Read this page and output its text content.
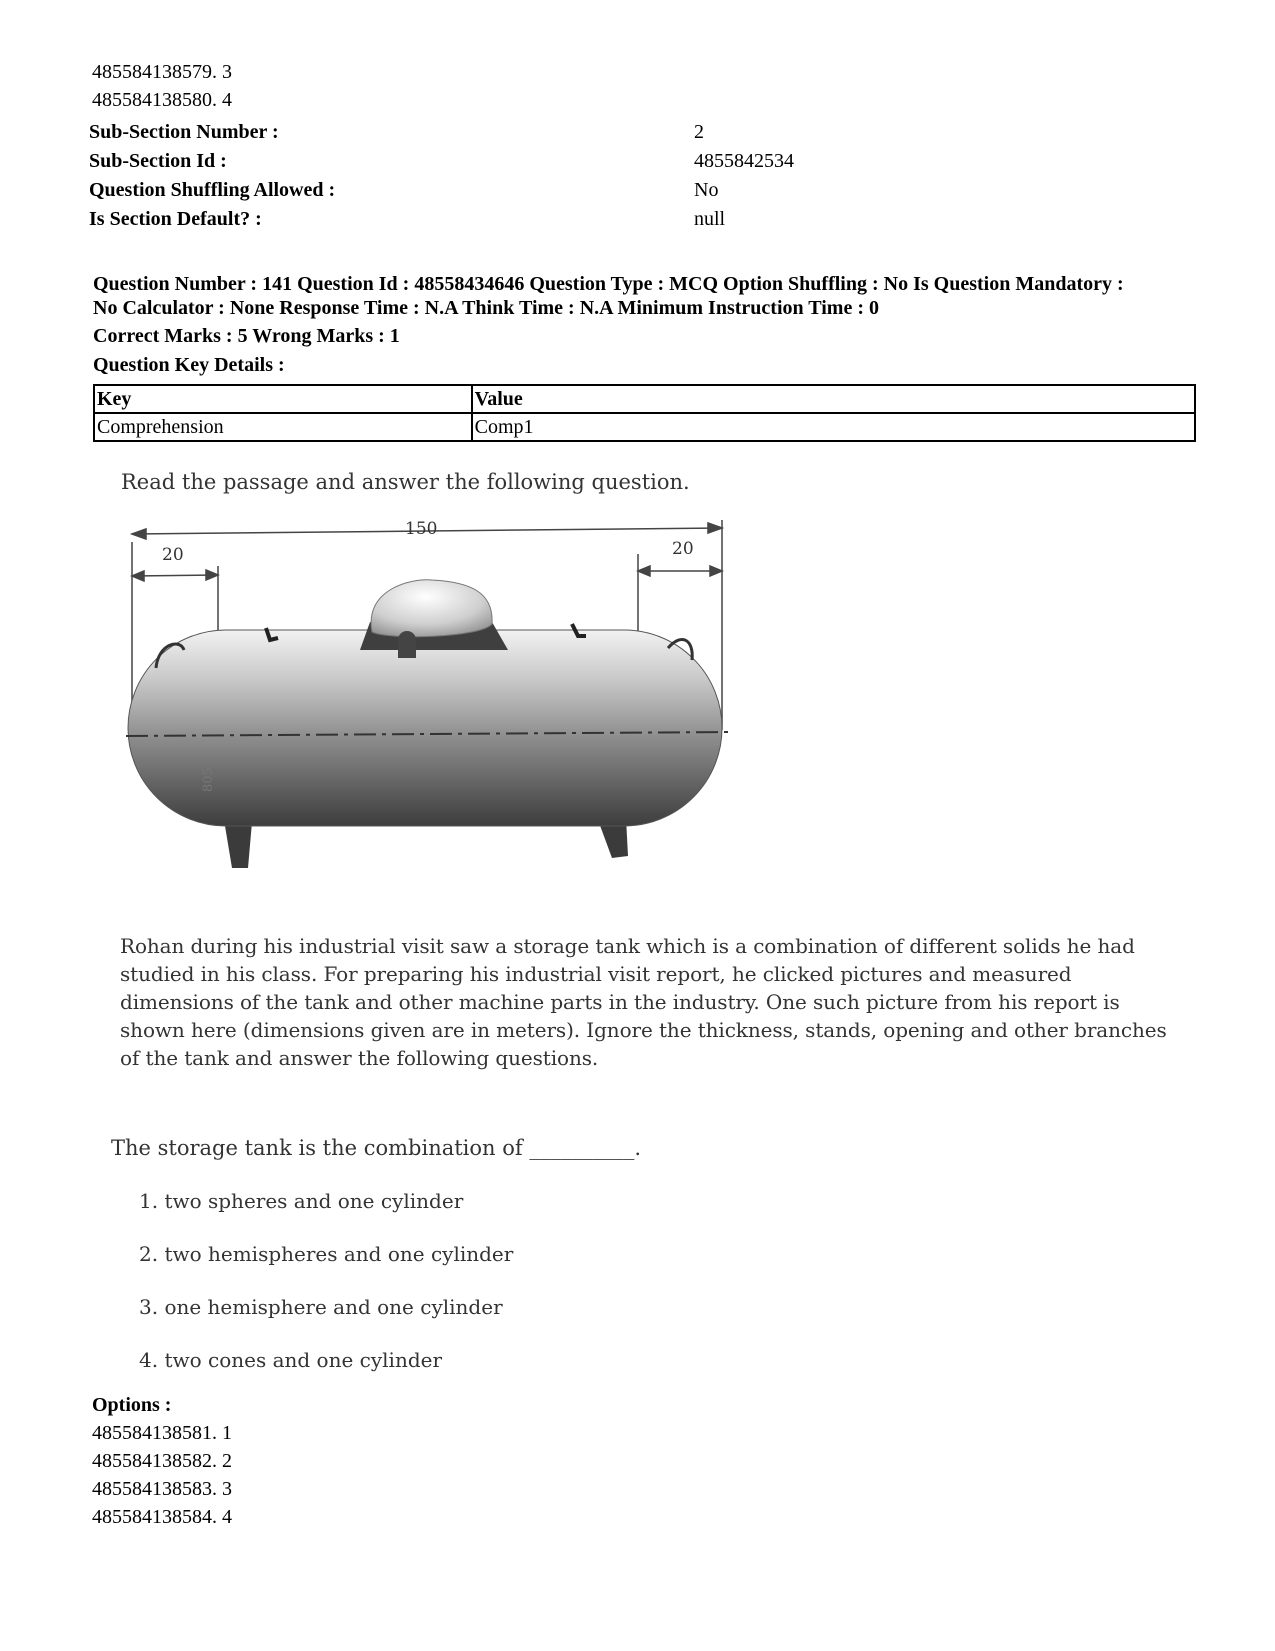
485584138579. 3
485584138580. 4
Sub-Section Number :	2
Sub-Section Id :	4855842534
Question Shuffling Allowed :	No
Is Section Default? :	null
Question Number : 141 Question Id : 48558434646 Question Type : MCQ Option Shuffling : No Is Question Mandatory :
No Calculator : None Response Time : N.A Think Time : N.A Minimum Instruction Time : 0
Correct Marks : 5 Wrong Marks : 1
Question Key Details :
Key	Value
Comprehension	Comp1
Read the passage and answer the following question.
150
20	20
805
Rohan during his industrial visit saw a storage tank which is a combination of different solids he had studied in his class. For preparing his industrial visit report, he clicked pictures and measured dimensions of the tank and other machine parts in the industry. One such picture from his report is shown here (dimensions given are in meters). Ignore the thickness, stands, opening and other branches of the tank and answer the following questions.
The storage tank is the combination of __________.
1. two spheres and one cylinder
2. two hemispheres and one cylinder
3. one hemisphere and one cylinder
4. two cones and one cylinder
Options :
485584138581. 1
485584138582. 2
485584138583. 3
485584138584. 4
